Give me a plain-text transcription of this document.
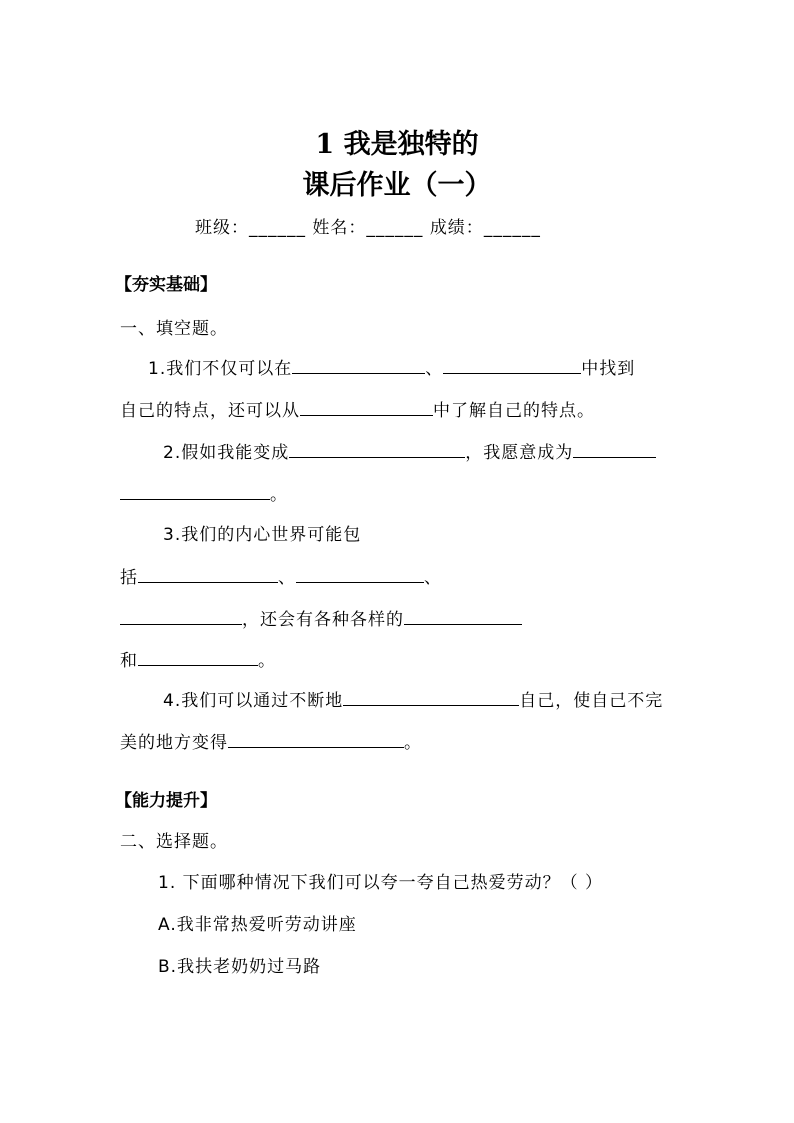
1 我是独特的
课后作业（一）
班级：______ 姓名：______ 成绩：______
【夯实基础】
一、填空题。
1.我们不仅可以在	、	中找到
自己的特点，还可以从	中了解自己的特点。
2.假如我能变成	，我愿意成为
。
3.我们的内心世界可能包
括	、	、
，还会有各种各样的
和	。
4.我们可以通过不断地	自己，使自己不完
美的地方变得	。
【能力提升】
二、选择题。
1. 下面哪种情况下我们可以夸一夸自己热爱劳动？（ ）
A.我非常热爱听劳动讲座
B.我扶老奶奶过马路
